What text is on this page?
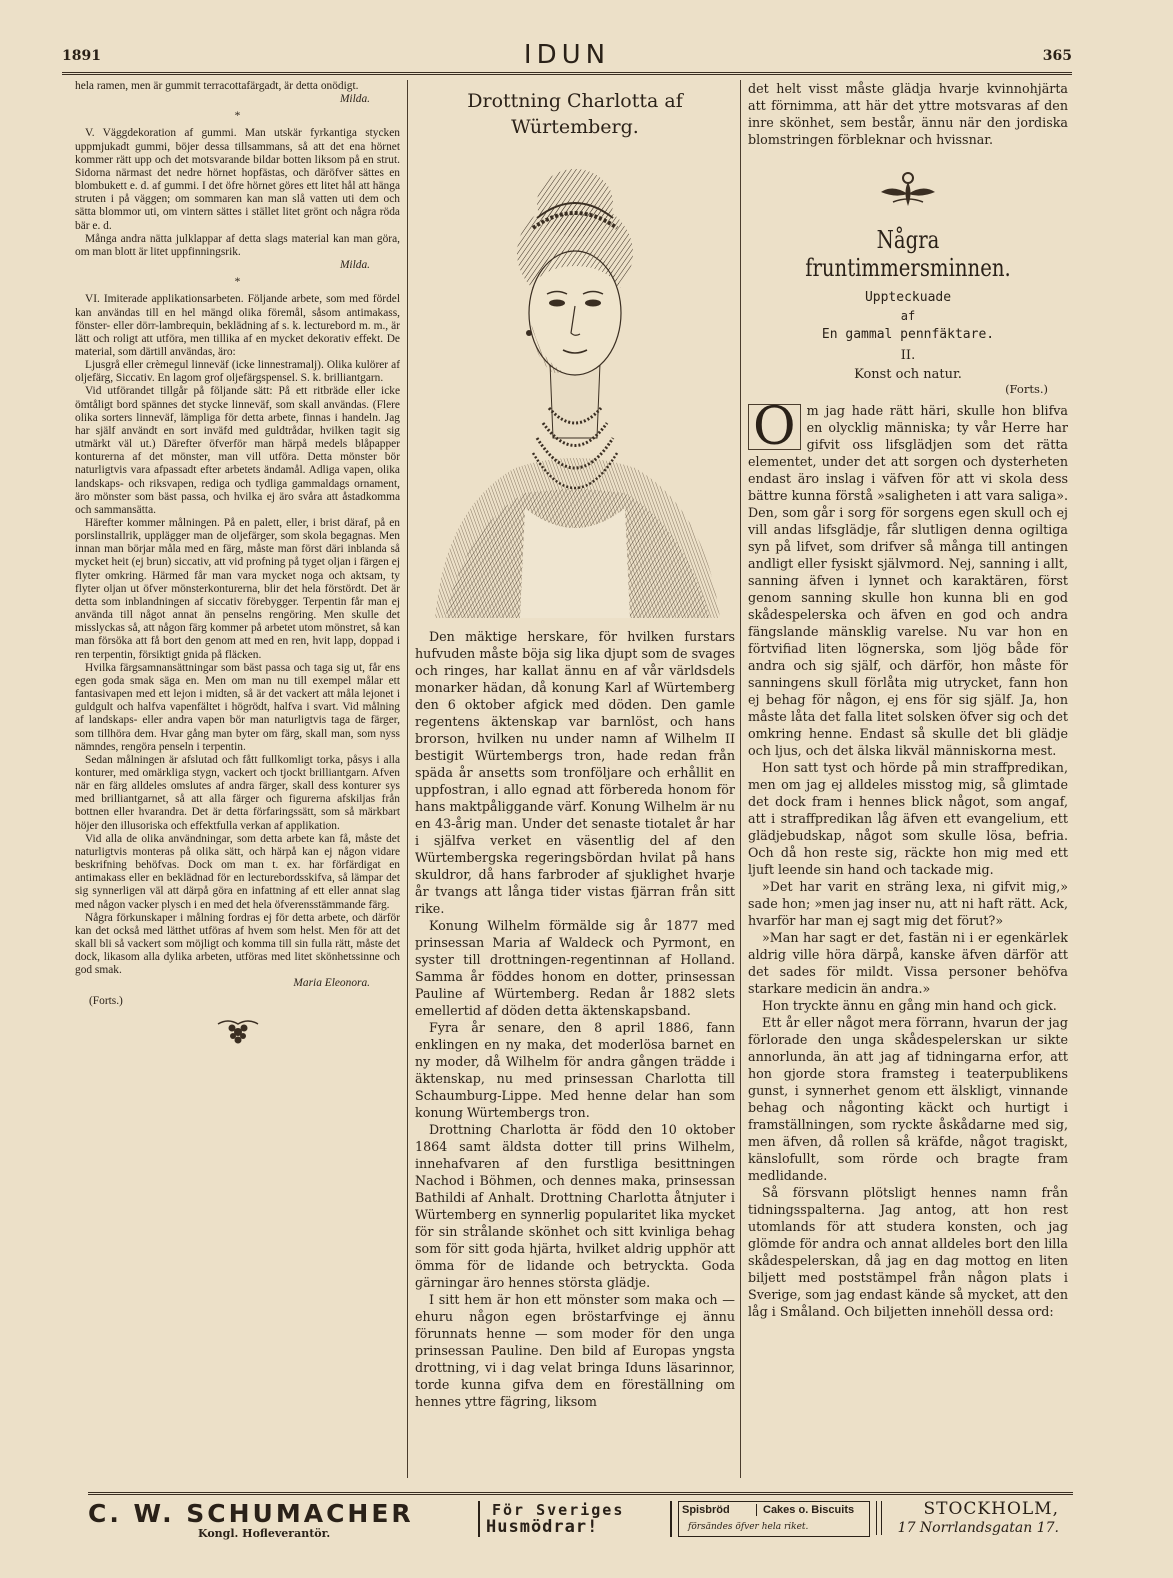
1891	IDUN	365

hela ramen, men är gummit terracottafärgadt, är detta onödigt.

Milda.
*

V. Väggdekoration af gummi. Man utskär fyrkantiga stycken uppmjukadt gummi, böjer dessa tillsammans, så att det ena hörnet kommer rätt upp och det motsvarande bildar botten liksom på en strut. Sidorna närmast det nedre hörnet hopfästas, och däröfver sättes en blombukett e. d. af gummi. I det öfre hörnet göres ett litet hål att hänga struten i på väggen; om sommaren kan man slå vatten uti dem och sätta blommor uti, om vintern sättes i stället litet grönt och några röda bär e. d.

Många andra nätta julklappar af detta slags material kan man göra, om man blott är litet uppfinningsrik.

Milda.
*

VI. Imiterade applikationsarbeten. Följande arbete, som med fördel kan användas till en hel mängd olika föremål, såsom antimakass, fönster- eller dörr-lambrequin, beklädning af s. k. lecturebord m. m., är lätt och roligt att utföra, men tillika af en mycket dekorativ effekt. De material, som därtill användas, äro:

Ljusgrå eller crèmegul linneväf (icke linnestramalj). Olika kulörer af oljefärg, Siccativ. En lagom grof oljefärgspensel. S. k. brilliantgarn.

Vid utförandet tillgår på följande sätt: På ett ritbräde eller icke ömtåligt bord spännes det stycke linneväf, som skall användas. (Flere olika sorters linneväf, lämpliga för detta arbete, finnas i handeln. Jag har själf användt en sort inväfd med guldtrådar, hvilken tagit sig utmärkt väl ut.) Därefter öfverför man härpå medels blåpapper konturerna af det mönster, man vill utföra. Detta mönster bör naturligtvis vara afpassadt efter arbetets ändamål. Adliga vapen, olika landskaps- och riksvapen, rediga och tydliga gammaldags ornament, äro mönster som bäst passa, och hvilka ej äro svåra att åstadkomma och sammansätta.

Härefter kommer målningen. På en palett, eller, i brist däraf, på en porslinstallrik, upplägger man de oljefärger, som skola begagnas. Men innan man börjar måla med en färg, måste man först däri inblanda så mycket heit (ej brun) siccativ, att vid profning på tyget oljan i färgen ej flyter omkring. Härmed får man vara mycket noga och aktsam, ty flyter oljan ut öfver mönsterkonturerna, blir det hela förstördt. Det är detta som inblandningen af siccativ förebygger. Terpentin får man ej använda till något annat än penselns rengöring. Men skulle det misslyckas så, att någon färg kommer på arbetet utom mönstret, så kan man försöka att få bort den genom att med en ren, hvit lapp, doppad i ren terpentin, försiktigt gnida på fläcken.

Hvilka färgsamnansättningar som bäst passa och taga sig ut, får ens egen goda smak säga en. Men om man nu till exempel målar ett fantasivapen med ett lejon i midten, så är det vackert att måla lejonet i guldgult och halfva vapenfältet i högrödt, halfva i svart. Vid målning af landskaps- eller andra vapen bör man naturligtvis taga de färger, som tillhöra dem. Hvar gång man byter om färg, skall man, som nyss nämndes, rengöra penseln i terpentin.

Sedan målningen är afslutad och fått fullkomligt torka, påsys i alla konturer, med omärkliga stygn, vackert och tjockt brilliantgarn. Afven när en färg alldeles omslutes af andra färger, skall dess konturer sys med brilliantgarnet, så att alla färger och figurerna afskiljas från bottnen eller hvarandra. Det är detta förfaringssätt, som så märkbart höjer den illusoriska och effektfulla verkan af applikation.

Vid alla de olika användningar, som detta arbete kan få, måste det naturligtvis monteras på olika sätt, och härpå kan ej någon vidare beskrifning behöfvas. Dock om man t. ex. har förfärdigat en antimakass eller en beklädnad för en lecturebordsskifva, så lämpar det sig synnerligen väl att därpå göra en infattning af ett eller annat slag med någon vacker plysch i en med det hela öfverensstämmande färg.

Några förkunskaper i målning fordras ej för detta arbete, och därför kan det också med lätthet utföras af hvem som helst. Men för att det skall bli så vackert som möjligt och komma till sin fulla rätt, måste det dock, likasom alla dylika arbeten, utföras med litet skönhetssinne och god smak.

Maria Eleonora.

(Forts.)

Drottning Charlotta af Würtemberg.

Den mäktige herskare, för hvilken furstars hufvuden måste böja sig lika djupt som de svages och ringes, har kallat ännu en af vår världsdels monarker hädan, då konung Karl af Würtemberg den 6 oktober afgick med döden. Den gamle regentens äktenskap var barnlöst, och hans brorson, hvilken nu under namn af Wilhelm II bestigit Würtembergs tron, hade redan från späda år ansetts som tronföljare och erhållit en uppfostran, i allo egnad att förbereda honom för hans maktpåliggande värf. Konung Wilhelm är nu en 43-årig man. Under det senaste tiotalet år har i själfva verket en väsentlig del af den Würtembergska regeringsbördan hvilat på hans skuldror, då hans farbroder af sjuklighet hvarje år tvangs att långa tider vistas fjärran från sitt rike.

Konung Wilhelm förmälde sig år 1877 med prinsessan Maria af Waldeck och Pyrmont, en syster till drottningen-regentinnan af Holland. Samma år föddes honom en dotter, prinsessan Pauline af Würtemberg. Redan år 1882 slets emellertid af döden detta äktenskapsband.

Fyra år senare, den 8 april 1886, fann enklingen en ny maka, det moderlösa barnet en ny moder, då Wilhelm för andra gången trädde i äktenskap, nu med prinsessan Charlotta till Schaumburg-Lippe. Med henne delar han som konung Würtembergs tron.

Drottning Charlotta är född den 10 oktober 1864 samt äldsta dotter till prins Wilhelm, innehafvaren af den furstliga besittningen Nachod i Böhmen, och dennes maka, prinsessan Bathildi af Anhalt. Drottning Charlotta åtnjuter i Würtemberg en synnerlig popularitet lika mycket för sin strålande skönhet och sitt kvinliga behag som för sitt goda hjärta, hvilket aldrig upphör att ömma för de lidande och betryckta. Goda gärningar äro hennes största glädje.

I sitt hem är hon ett mönster som maka och — ehuru någon egen bröstarfvinge ej ännu förunnats henne — som moder för den unga prinsessan Pauline. Den bild af Europas yngsta drottning, vi i dag velat bringa Iduns läsarinnor, torde kunna gifva dem en föreställning om hennes yttre fägring, liksom

det helt visst måste glädja hvarje kvinnohjärta att förnimma, att här det yttre motsvaras af den inre skönhet, sem består, ännu när den jordiska blomstringen förbleknar och hvissnar.
Några fruntimmersminnen.
Uppteckuade
af
En gammal pennfäktare.
II.
Konst och natur.
(Forts.)

O m jag hade rätt häri, skulle hon blifva en olycklig människa; ty vår Herre har gifvit oss lifsglädjen som det rätta elementet, under det att sorgen och dysterheten endast äro inslag i väfven för att vi skola dess bättre kunna förstå »saligheten i att vara saliga». Den, som går i sorg för sorgens egen skull och ej vill andas lifsglädje, får slutligen denna ogiltiga syn på lifvet, som drifver så många till antingen andligt eller fysiskt självmord. Nej, sanning i allt, sanning äfven i lynnet och karaktären, först genom sanning skulle hon kunna bli en god skådespelerska och äfven en god och andra fängslande mänsklig varelse. Nu var hon en förtvifiad liten lögnerska, som ljög både för andra och sig själf, och därför, hon måste för sanningens skull förlåta mig utrycket, fann hon ej behag för någon, ej ens för sig själf. Ja, hon måste låta det falla litet solsken öfver sig och det omkring henne. Endast så skulle det bli glädje och ljus, och det älska likväl människorna mest.

Hon satt tyst och hörde på min straffpredikan, men om jag ej alldeles misstog mig, så glimtade det dock fram i hennes blick något, som angaf, att i straffpredikan låg äfven ett evangelium, ett glädjebudskap, något som skulle lösa, befria. Och då hon reste sig, räckte hon mig med ett ljuft leende sin hand och tackade mig.

»Det har varit en sträng lexa, ni gifvit mig,» sade hon; »men jag inser nu, att ni haft rätt. Ack, hvarför har man ej sagt mig det förut?»

»Man har sagt er det, fastän ni i er egenkärlek aldrig ville höra därpå, kanske äfven därför att det sades för mildt. Vissa personer behöfva starkare medicin än andra.»

Hon tryckte ännu en gång min hand och gick.

Ett år eller något mera förrann, hvarun der jag förlorade den unga skådespelerskan ur sikte annorlunda, än att jag af tidningarna erfor, att hon gjorde stora framsteg i teaterpublikens gunst, i synnerhet genom ett älskligt, vinnande behag och någonting käckt och hurtigt i framställningen, som ryckte åskådarne med sig, men äfven, då rollen så kräfde, något tragiskt, känslofullt, som rörde och bragte fram medlidande.

Så försvann plötsligt hennes namn från tidningsspalterna. Jag antog, att hon rest utomlands för att studera konsten, och jag glömde för andra och annat alldeles bort den lilla skådespelerskan, då jag en dag mottog en liten biljett med poststämpel från någon plats i Sverige, som jag endast kände så mycket, att den låg i Småland. Och biljetten innehöll dessa ord:

C. W. SCHUMACHER
Kongl. Hofleverantör.
För Sveriges
Husmödrar!
Spisbröd	Cakes o. Biscuits
försändes öfver hela riket.
STOCKHOLM,
17 Norrlandsgatan 17.
